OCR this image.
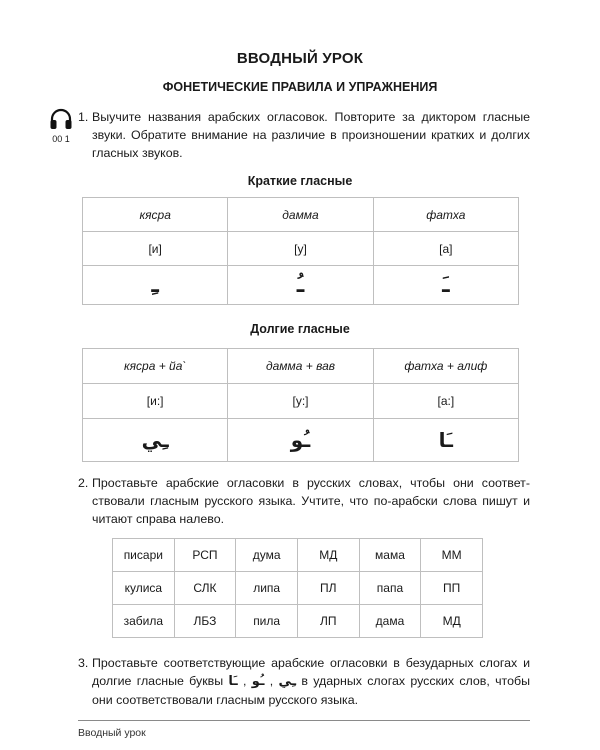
ВВОДНЫЙ УРОК
ФОНЕТИЧЕСКИЕ ПРАВИЛА И УПРАЖНЕНИЯ
00 1
1. Выучите названия арабских огласовок. Повторите за диктором гласные звуки. Обратите внимание на различие в произношении кратких и долгих гласных звуков.
Краткие гласные
кясра	дамма	фатха
[и]	[у]	[а]
ـِ	ـُ	ـَ
Долгие гласные
кясра + йа`	дамма + вав	фатха + алиф
[и:]	[у:]	[а:]
ـِي	ـُو	ـَا
2. Проставьте арабские огласовки в русских словах, чтобы они соответ-ствовали гласным русского языка. Учтите, что по-арабски слова пишут и читают справа налево.
писари	РСП	дума	МД	мама	ММ
кулиса	СЛК	липа	ПЛ	папа	ПП
забила	ЛБЗ	пила	ЛП	дама	МД
3. Проставьте соответствующие арабские огласовки в безударных слогах и долгие гласные буквы ـَا , ـُو , ـِي в ударных слогах русских слов, чтобы они соответствовали гласным русского языка.
Вводный урок
